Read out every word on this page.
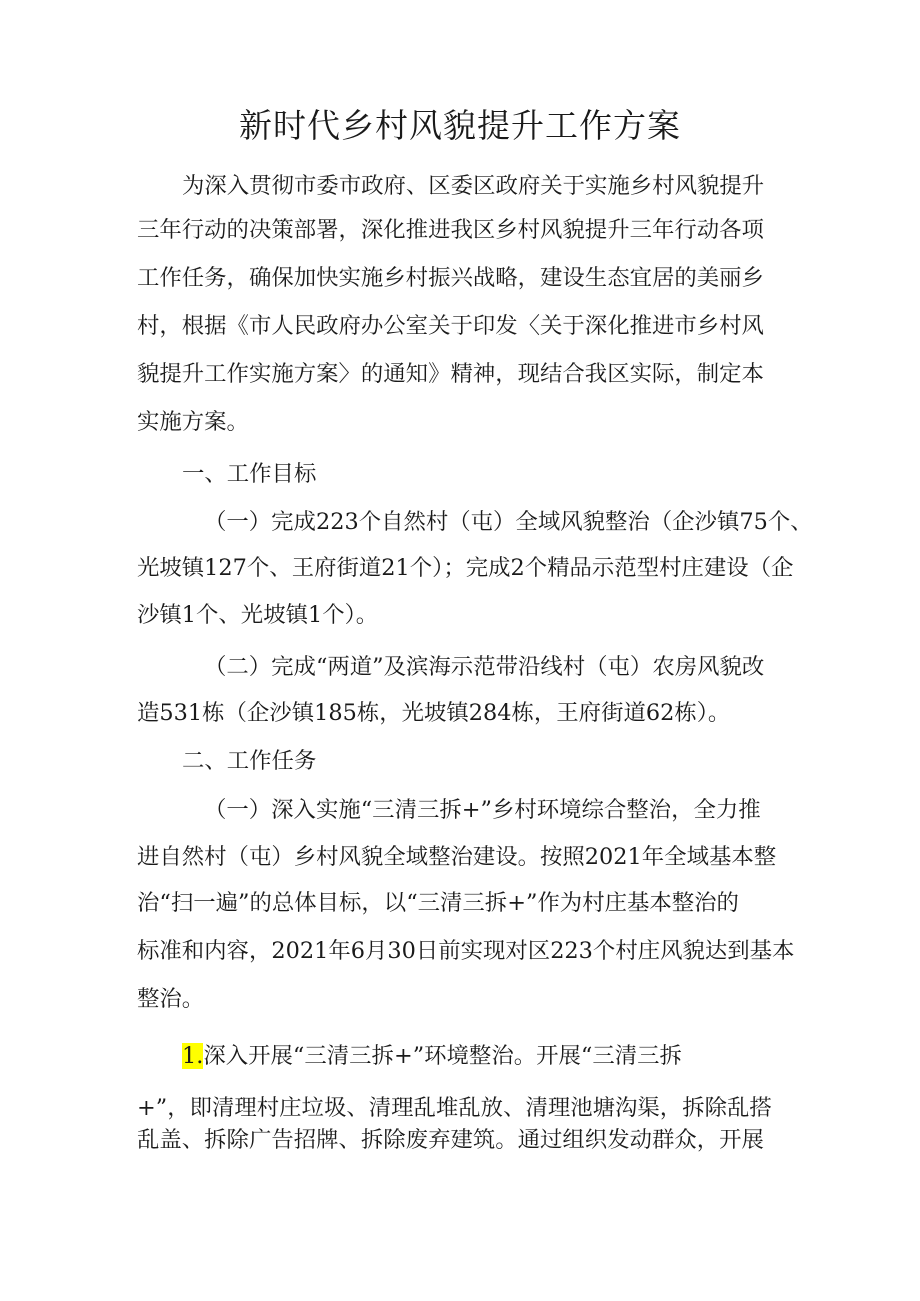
新时代乡村风貌提升工作方案
为深入贯彻市委市政府、区委区政府关于实施乡村风貌提升
三年行动的决策部署，深化推进我区乡村风貌提升三年行动各项
工作任务，确保加快实施乡村振兴战略，建设生态宜居的美丽乡
村，根据《市人民政府办公室关于印发〈关于深化推进市乡村风
貌提升工作实施方案〉的通知》精神，现结合我区实际，制定本
实施方案。
一、工作目标
（一）完成223个自然村（屯）全域风貌整治（企沙镇75个、
光坡镇127个、王府街道21个）；完成2个精品示范型村庄建设（企
沙镇1个、光坡镇1个）。
（二）完成“两道”及滨海示范带沿线村（屯）农房风貌改
造531栋（企沙镇185栋，光坡镇284栋，王府街道62栋）。
二、工作任务
（一）深入实施“三清三拆+”乡村环境综合整治，全力推
进自然村（屯）乡村风貌全域整治建设。按照2021年全域基本整
治“扫一遍”的总体目标，以“三清三拆+”作为村庄基本整治的
标准和内容，2021年6月30日前实现对区223个村庄风貌达到基本
整治。
1.深入开展“三清三拆+”环境整治。开展“三清三拆
+”，即清理村庄垃圾、清理乱堆乱放、清理池塘沟渠，拆除乱搭
乱盖、拆除广告招牌、拆除废弃建筑。通过组织发动群众，开展
